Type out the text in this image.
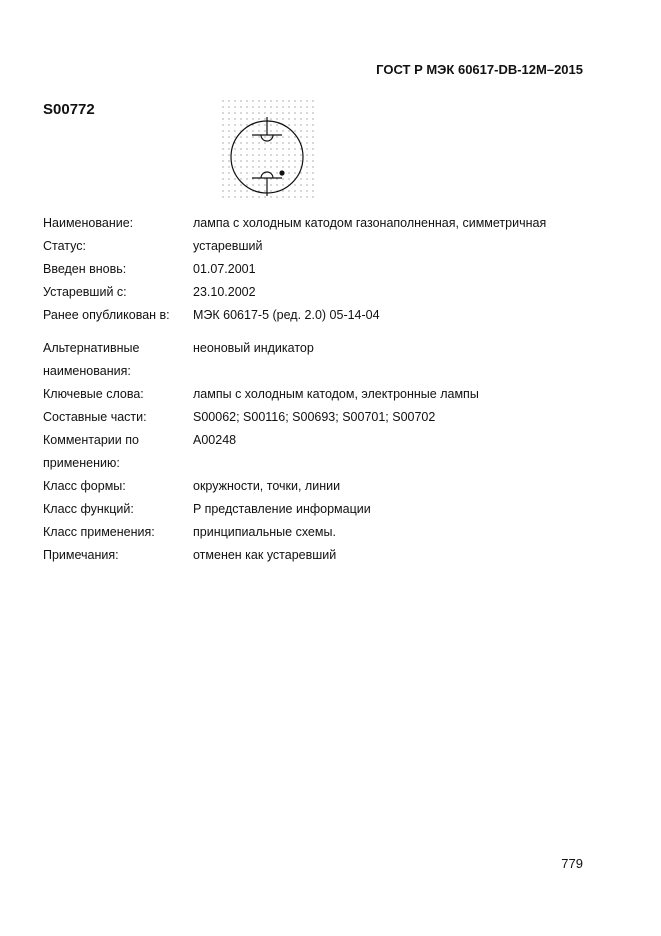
ГОСТ Р МЭК 60617-DB-12M–2015
S00772
Наименование:	лампа с холодным катодом газонаполненная, симметричная
Статус:	устаревший
Введен вновь:	01.07.2001
Устаревший с:	23.10.2002
Ранее опубликован в:	МЭК 60617-5 (ред. 2.0) 05-14-04
Альтернативные наименования:
неоновый индикатор
Ключевые слова:	лампы с холодным катодом, электронные лампы
Составные части:	S00062; S00116; S00693; S00701; S00702
Комментарии по применению:
A00248
Класс формы:	окружности, точки, линии
Класс функций:	P представление информации
Класс применения:	принципиальные схемы.
Примечания:	отменен как устаревший
779
